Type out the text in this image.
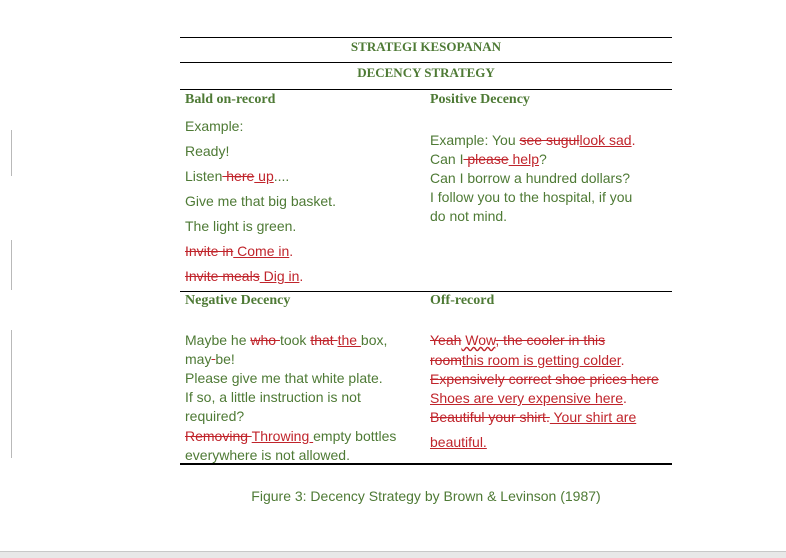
STRATEGI KESOPANAN
DECENCY STRATEGY
Bald on-record
Example:
Ready!
Listen here up....
Give me that big basket.
The light is green.
Invite in Come in.
Invite meals Dig in.
Positive Decency
Example: You see sugullook sad.
Can I please help?
Can I borrow a hundred dollars?
I follow you to the hospital, if you
do not mind.
Negative Decency
Maybe he who took that the box,
may be!
Please give me that white plate.
If so, a little instruction is not
required?
Removing Throwing empty bottles
everywhere is not allowed.
Off-record
Yeah Wow, the cooler in this
roomthis room is getting colder.
Expensively correct shoe prices here
Shoes are very expensive here.
Beautiful your shirt. Your shirt are
beautiful.
Figure 3: Decency Strategy by Brown & Levinson (1987)
